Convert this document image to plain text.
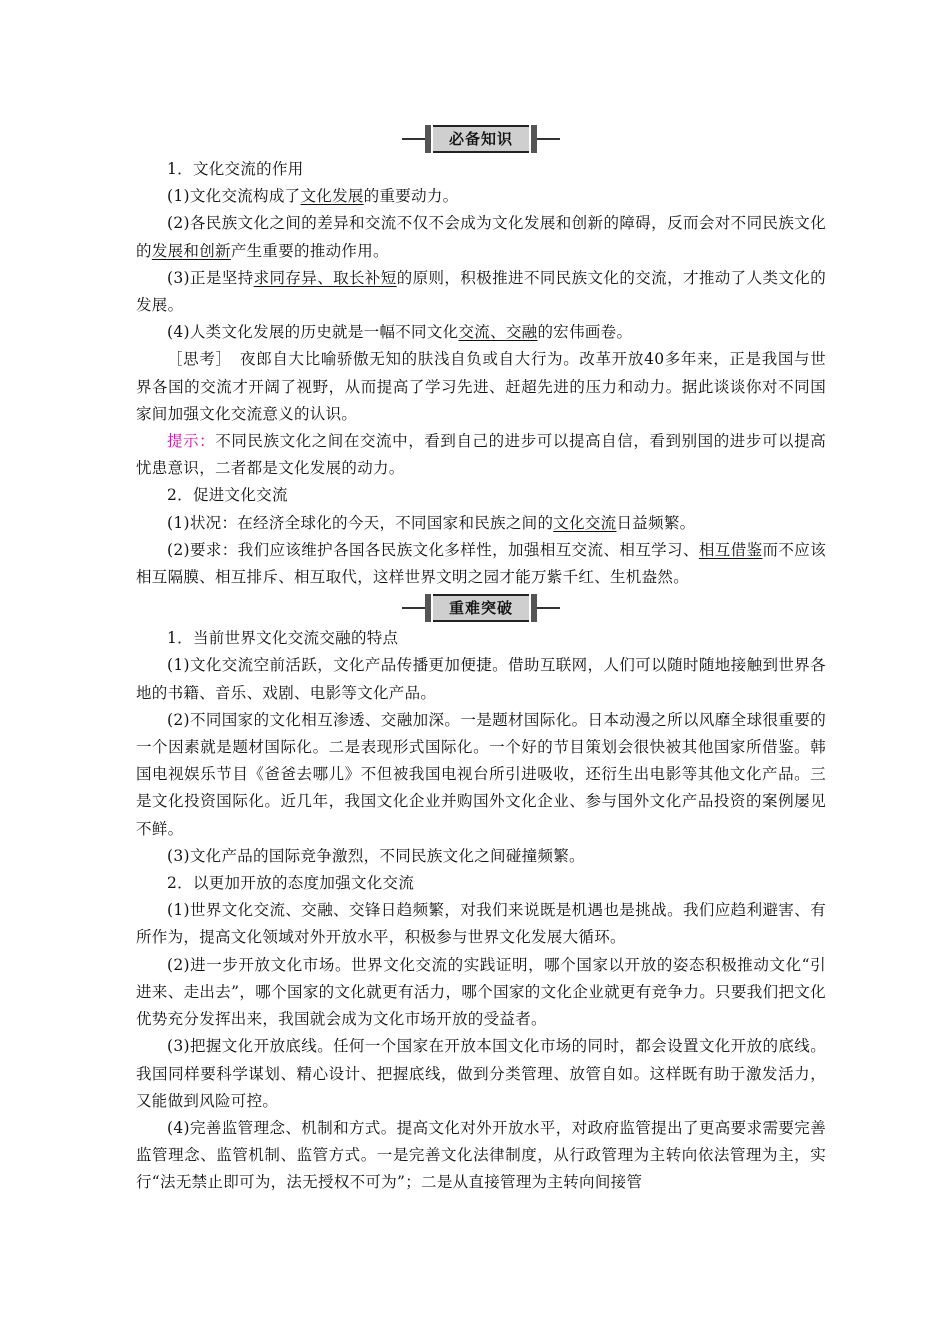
必备知识

1．文化交流的作用

(1)文化交流构成了文化发展的重要动力。

(2)各民族文化之间的差异和交流不仅不会成为文化发展和创新的障碍，反而会对不同民族文化的发展和创新产生重要的推动作用。

(3)正是坚持求同存异、取长补短的原则，积极推进不同民族文化的交流，才推动了人类文化的发展。

(4)人类文化发展的历史就是一幅不同文化交流、交融的宏伟画卷。

［思考］　夜郎自大比喻骄傲无知的肤浅自负或自大行为。改革开放40多年来，正是我国与世界各国的交流才开阔了视野，从而提高了学习先进、赶超先进的压力和动力。据此谈谈你对不同国家间加强文化交流意义的认识。

提示：不同民族文化之间在交流中，看到自己的进步可以提高自信，看到别国的进步可以提高忧患意识，二者都是文化发展的动力。

2．促进文化交流

(1)状况：在经济全球化的今天，不同国家和民族之间的文化交流日益频繁。

(2)要求：我们应该维护各国各民族文化多样性，加强相互交流、相互学习、相互借鉴而不应该相互隔膜、相互排斥、相互取代，这样世界文明之园才能万紫千红、生机盎然。

重难突破

1．当前世界文化交流交融的特点

(1)文化交流空前活跃，文化产品传播更加便捷。借助互联网，人们可以随时随地接触到世界各地的书籍、音乐、戏剧、电影等文化产品。

(2)不同国家的文化相互渗透、交融加深。一是题材国际化。日本动漫之所以风靡全球很重要的一个因素就是题材国际化。二是表现形式国际化。一个好的节目策划会很快被其他国家所借鉴。韩国电视娱乐节目《爸爸去哪儿》不但被我国电视台所引进吸收，还衍生出电影等其他文化产品。三是文化投资国际化。近几年，我国文化企业并购国外文化企业、参与国外文化产品投资的案例屡见不鲜。

(3)文化产品的国际竞争激烈，不同民族文化之间碰撞频繁。

2．以更加开放的态度加强文化交流

(1)世界文化交流、交融、交锋日趋频繁，对我们来说既是机遇也是挑战。我们应趋利避害、有所作为，提高文化领域对外开放水平，积极参与世界文化发展大循环。

(2)进一步开放文化市场。世界文化交流的实践证明，哪个国家以开放的姿态积极推动文化“引进来、走出去”，哪个国家的文化就更有活力，哪个国家的文化企业就更有竞争力。只要我们把文化优势充分发挥出来，我国就会成为文化市场开放的受益者。

(3)把握文化开放底线。任何一个国家在开放本国文化市场的同时，都会设置文化开放的底线。我国同样要科学谋划、精心设计、把握底线，做到分类管理、放管自如。这样既有助于激发活力，又能做到风险可控。

(4)完善监管理念、机制和方式。提高文化对外开放水平，对政府监管提出了更高要求需要完善监管理念、监管机制、监管方式。一是完善文化法律制度，从行政管理为主转向依法管理为主，实行“法无禁止即可为，法无授权不可为”；二是从直接管理为主转向间接管
